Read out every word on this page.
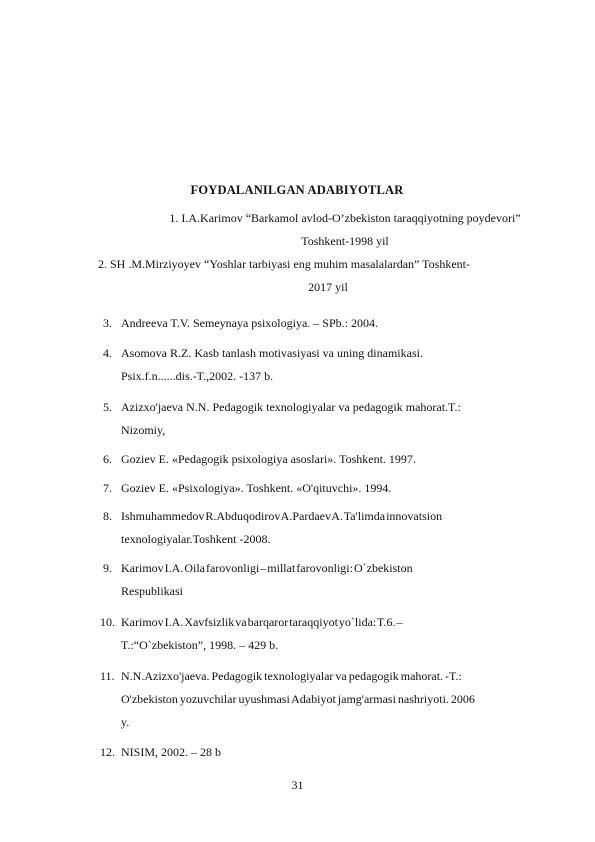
FOYDALANILGAN ADABIYOTLAR
1. I.A.Karimov “Barkamol avlod-O’zbekiston taraqqiyotning poydevori”
Toshkent-1998 yil
2. SH .M.Mirziyoyev “Yoshlar tarbiyasi eng muhim masalalardan” Toshkent-
2017 yil
3. Andreeva T.V. Semeynaya psixologiya. – SPb.: 2004.
4. Asomova R.Z. Kasb tanlash motivasiyasi va uning dinamikasi.
Psix.f.n......dis.-T.,2002. -137 b.
5. Azizxo'jaeva N.N. Pedagogik texnologiyalar va pedagogik mahorat.T.:
Nizomiy,
6. Goziev E. «Pedagogik psixologiya asoslari». Toshkent. 1997.
7. Goziev E. «Psixologiya». Toshkent. «O'qituvchi». 1994.
8. Ishmuhammedov R.Abduqodirov A.Pardaev A. Ta'limda innovatsion
texnologiyalar.Toshkent -2008.
9. Karimov I.A. Oila farovonligi – millat farovonligi: O`zbekiston
Respublikasi
10. Karimov I.A. Xavfsizlik va barqaror taraqqiyot yo`lida: T.6. –
T.:“O`zbekiston”, 1998. – 429 b.
11. N.N.Azizxo'jaeva. Pedagogik texnologiyalar va pedagogik mahorat. -T.:
O'zbekiston yozuvchilar uyushmasi Adabiyot jamg'armasi nashriyoti. 2006
y.
12. NISIM, 2002. – 28 b
31
